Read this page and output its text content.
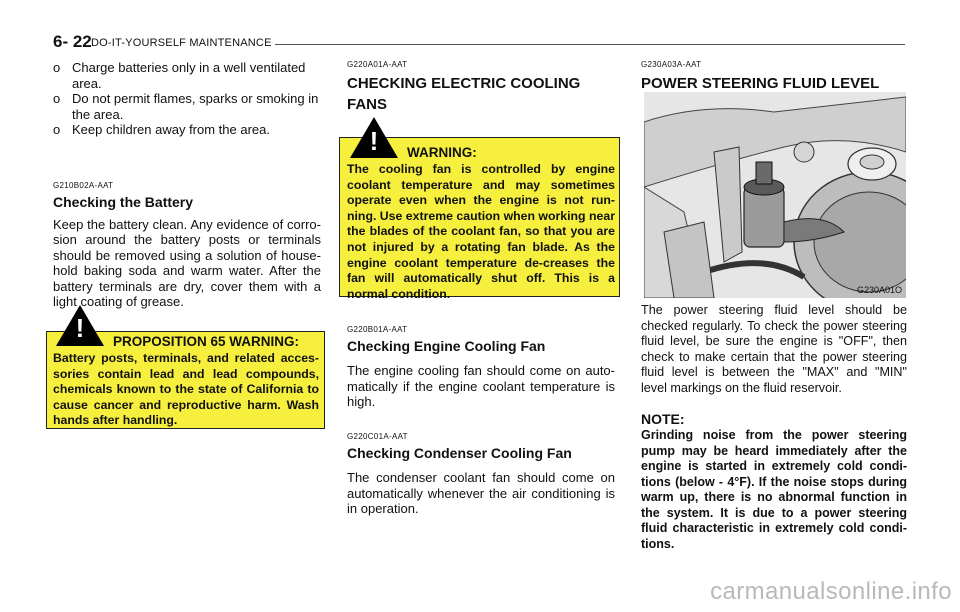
6- 22 DO-IT-YOURSELF MAINTENANCE
o Charge batteries only in a well ventilated area.
o Do not permit flames, sparks or smoking in the area.
o Keep children away from the area.

G210B02A-AAT

Checking the Battery

Keep the battery clean. Any evidence of corro-sion around the battery posts or terminals should be removed using a solution of house-hold baking soda and warm water. After the battery terminals are dry, cover them with a light coating of grease.

Battery posts, terminals, and related acces-sories contain lead and lead compounds, chemicals known to the state of California to cause cancer and reproductive harm. Wash hands after handling.
PROPOSITION 65 WARNING:
!

G220A01A-AAT

CHECKING ELECTRIC COOLING FANS
WARNING:
The cooling fan is controlled by engine coolant temperature and may sometimes operate even when the engine is not run-ning. Use extreme caution when working near the blades of the coolant fan, so that you are not injured by a rotating fan blade. As the engine coolant temperature de-creases the fan will automatically shut off. This is a normal condition.
!

G220B01A-AAT

Checking Engine Cooling Fan

The engine cooling fan should come on auto-matically if the engine coolant temperature is high.

G220C01A-AAT

Checking Condenser Cooling Fan

The condenser coolant fan should come on automatically whenever the air conditioning is in operation.

G230A03A-AAT

POWER STEERING FLUID LEVEL
G230A01O

The power steering fluid level should be checked regularly. To check the power steering fluid level, be sure the engine is "OFF", then check to make certain that the power steering fluid level is between the "MAX" and "MIN" level markings on the fluid reservoir.

NOTE:

Grinding noise from the power steering pump may be heard immediately after the engine is started in extremely cold condi-tions (below - 4°F). If the noise stops during warm up, there is no abnormal function in the system. It is due to a power steering fluid characteristic in extremely cold condi-tions.

carmanualsonline.info
